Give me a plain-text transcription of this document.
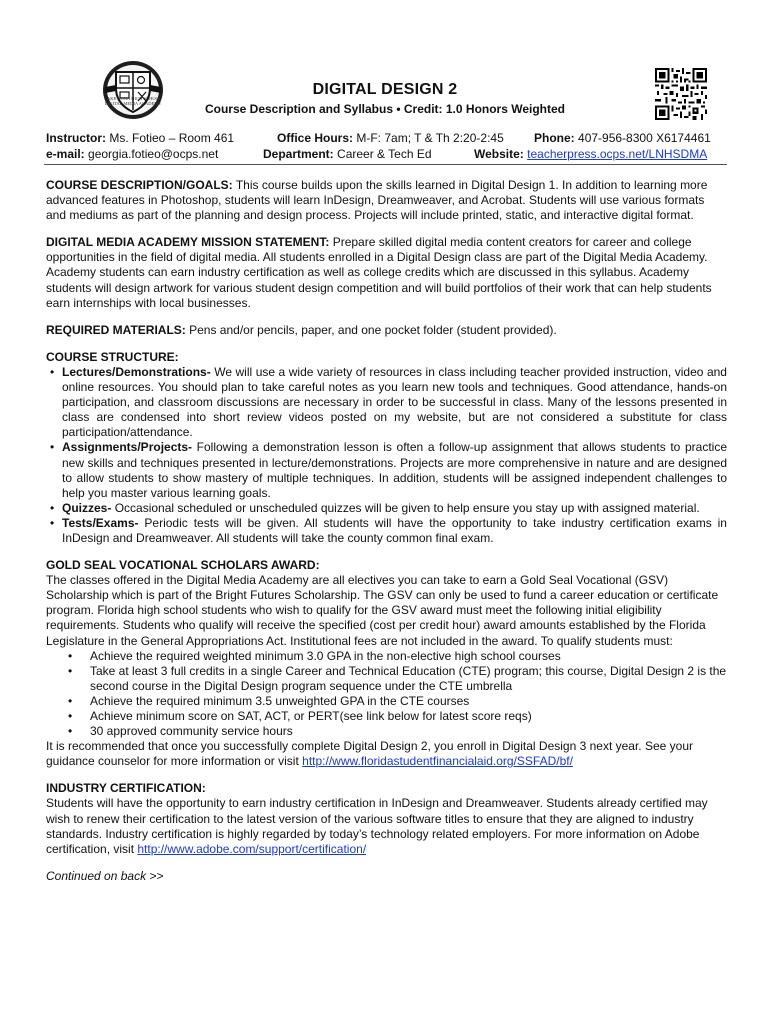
LAKE NONA HIGH SCHOOL
DIGITAL MEDIA ACADEMY
DIGITAL DESIGN 2
Course Description and Syllabus • Credit: 1.0 Honors Weighted
Instructor: Ms. Fotieo – Room 461
e-mail: georgia.fotieo@ocps.net
Office Hours: M-F: 7am; T & Th 2:20-2:45
Department: Career & Tech Ed
Phone: 407-956-8300 X6174461
Website: teacherpress.ocps.net/LNHSDMA

COURSE DESCRIPTION/GOALS: This course builds upon the skills learned in Digital Design 1. In addition to learning more advanced features in Photoshop, students will learn InDesign, Dreamweaver, and Acrobat. Students will use various formats and mediums as part of the planning and design process. Projects will include printed, static, and interactive digital format.

DIGITAL MEDIA ACADEMY MISSION STATEMENT: Prepare skilled digital media content creators for career and college opportunities in the field of digital media. All students enrolled in a Digital Design class are part of the Digital Media Academy. Academy students can earn industry certification as well as college credits which are discussed in this syllabus. Academy students will design artwork for various student design competition and will build portfolios of their work that can help students earn internships with local businesses.

REQUIRED MATERIALS: Pens and/or pencils, paper, and one pocket folder (student provided).

COURSE STRUCTURE:
• Lectures/Demonstrations- We will use a wide variety of resources in class including teacher provided instruction, video and online resources. You should plan to take careful notes as you learn new tools and techniques. Good attendance, hands-on participation, and classroom discussions are necessary in order to be successful in class. Many of the lessons presented in class are condensed into short review videos posted on my website, but are not considered a substitute for class participation/attendance.
• Assignments/Projects- Following a demonstration lesson is often a follow-up assignment that allows students to practice new skills and techniques presented in lecture/demonstrations. Projects are more comprehensive in nature and are designed to allow students to show mastery of multiple techniques. In addition, students will be assigned independent challenges to help you master various learning goals.
• Quizzes- Occasional scheduled or unscheduled quizzes will be given to help ensure you stay up with assigned material.
• Tests/Exams- Periodic tests will be given. All students will have the opportunity to take industry certification exams in InDesign and Dreamweaver. All students will take the county common final exam.
GOLD SEAL VOCATIONAL SCHOLARS AWARD:
The classes offered in the Digital Media Academy are all electives you can take to earn a Gold Seal Vocational (GSV) Scholarship which is part of the Bright Futures Scholarship. The GSV can only be used to fund a career education or certificate program. Florida high school students who wish to qualify for the GSV award must meet the following initial eligibility requirements. Students who qualify will receive the specified (cost per credit hour) award amounts established by the Florida Legislature in the General Appropriations Act. Institutional fees are not included in the award. To qualify students must:
• Achieve the required weighted minimum 3.0 GPA in the non-elective high school courses
• Take at least 3 full credits in a single Career and Technical Education (CTE) program; this course, Digital Design 2 is the second course in the Digital Design program sequence under the CTE umbrella
• Achieve the required minimum 3.5 unweighted GPA in the CTE courses
• Achieve minimum score on SAT, ACT, or PERT(see link below for latest score reqs)
• 30 approved community service hours

It is recommended that once you successfully complete Digital Design 2, you enroll in Digital Design 3 next year. See your guidance counselor for more information or visit http://www.floridastudentfinancialaid.org/SSFAD/bf/

INDUSTRY CERTIFICATION:

Students will have the opportunity to earn industry certification in InDesign and Dreamweaver. Students already certified may wish to renew their certification to the latest version of the various software titles to ensure that they are aligned to industry standards. Industry certification is highly regarded by today’s technology related employers. For more information on Adobe certification, visit http://www.adobe.com/support/certification/

Continued on back >>
